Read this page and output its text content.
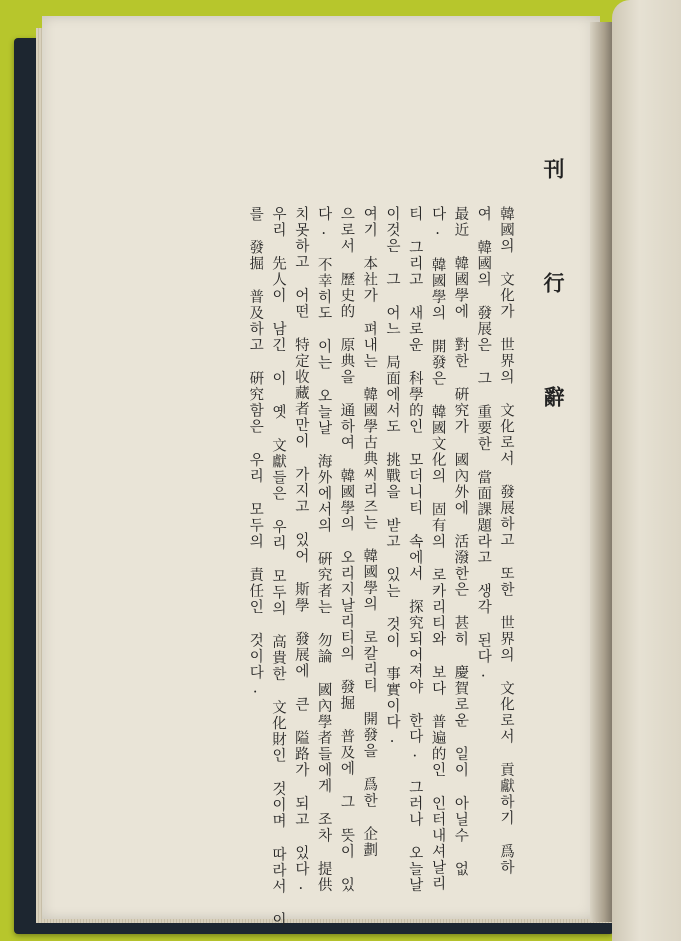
刊 行 辭
韓國의 文化가 世界의 文化로서 發展하고 또한 世界의 文化로서 貢獻하기 爲하
여 韓國의 發展은 그 重要한 當面課題라고 생각 된다.
最近 韓國學에 對한 硏究가 國內外에 活潑한은 甚히 慶賀로운 일이 아닐수 없
다. 韓國學의 開發은 韓國文化의 固有의 로카리티와 보다 普遍的인 인터내셔날리
티 그리고 새로운 科學的인 모더니티 속에서 探究되어져야 한다. 그러나 오늘날
이것은 그 어느 局面에서도 挑戰을 받고 있는 것이 事實이다.
여기 本社가 펴내는 韓國學古典씨리즈는 韓國學의 로칼리티 開發을 爲한 企劃
으로서 歷史的 原典을 通하여 韓國學의 오리지날리티의 發掘 普及에 그 뜻이 있
다. 不幸히도 이는 오늘날 海外에서의 硏究者는 勿論 國內學者들에게 조차 提供
치못하고 어떤 特定收藏者만이 가지고 있어 斯學 發展에 큰 隘路가 되고 있다.
우리 先人이 남긴 이 옛 文獻들은 우리 모두의 高貴한 文化財인 것이며 따라서 이
를 發掘 普及하고 硏究함은 우리 모두의 責任인 것이다.
